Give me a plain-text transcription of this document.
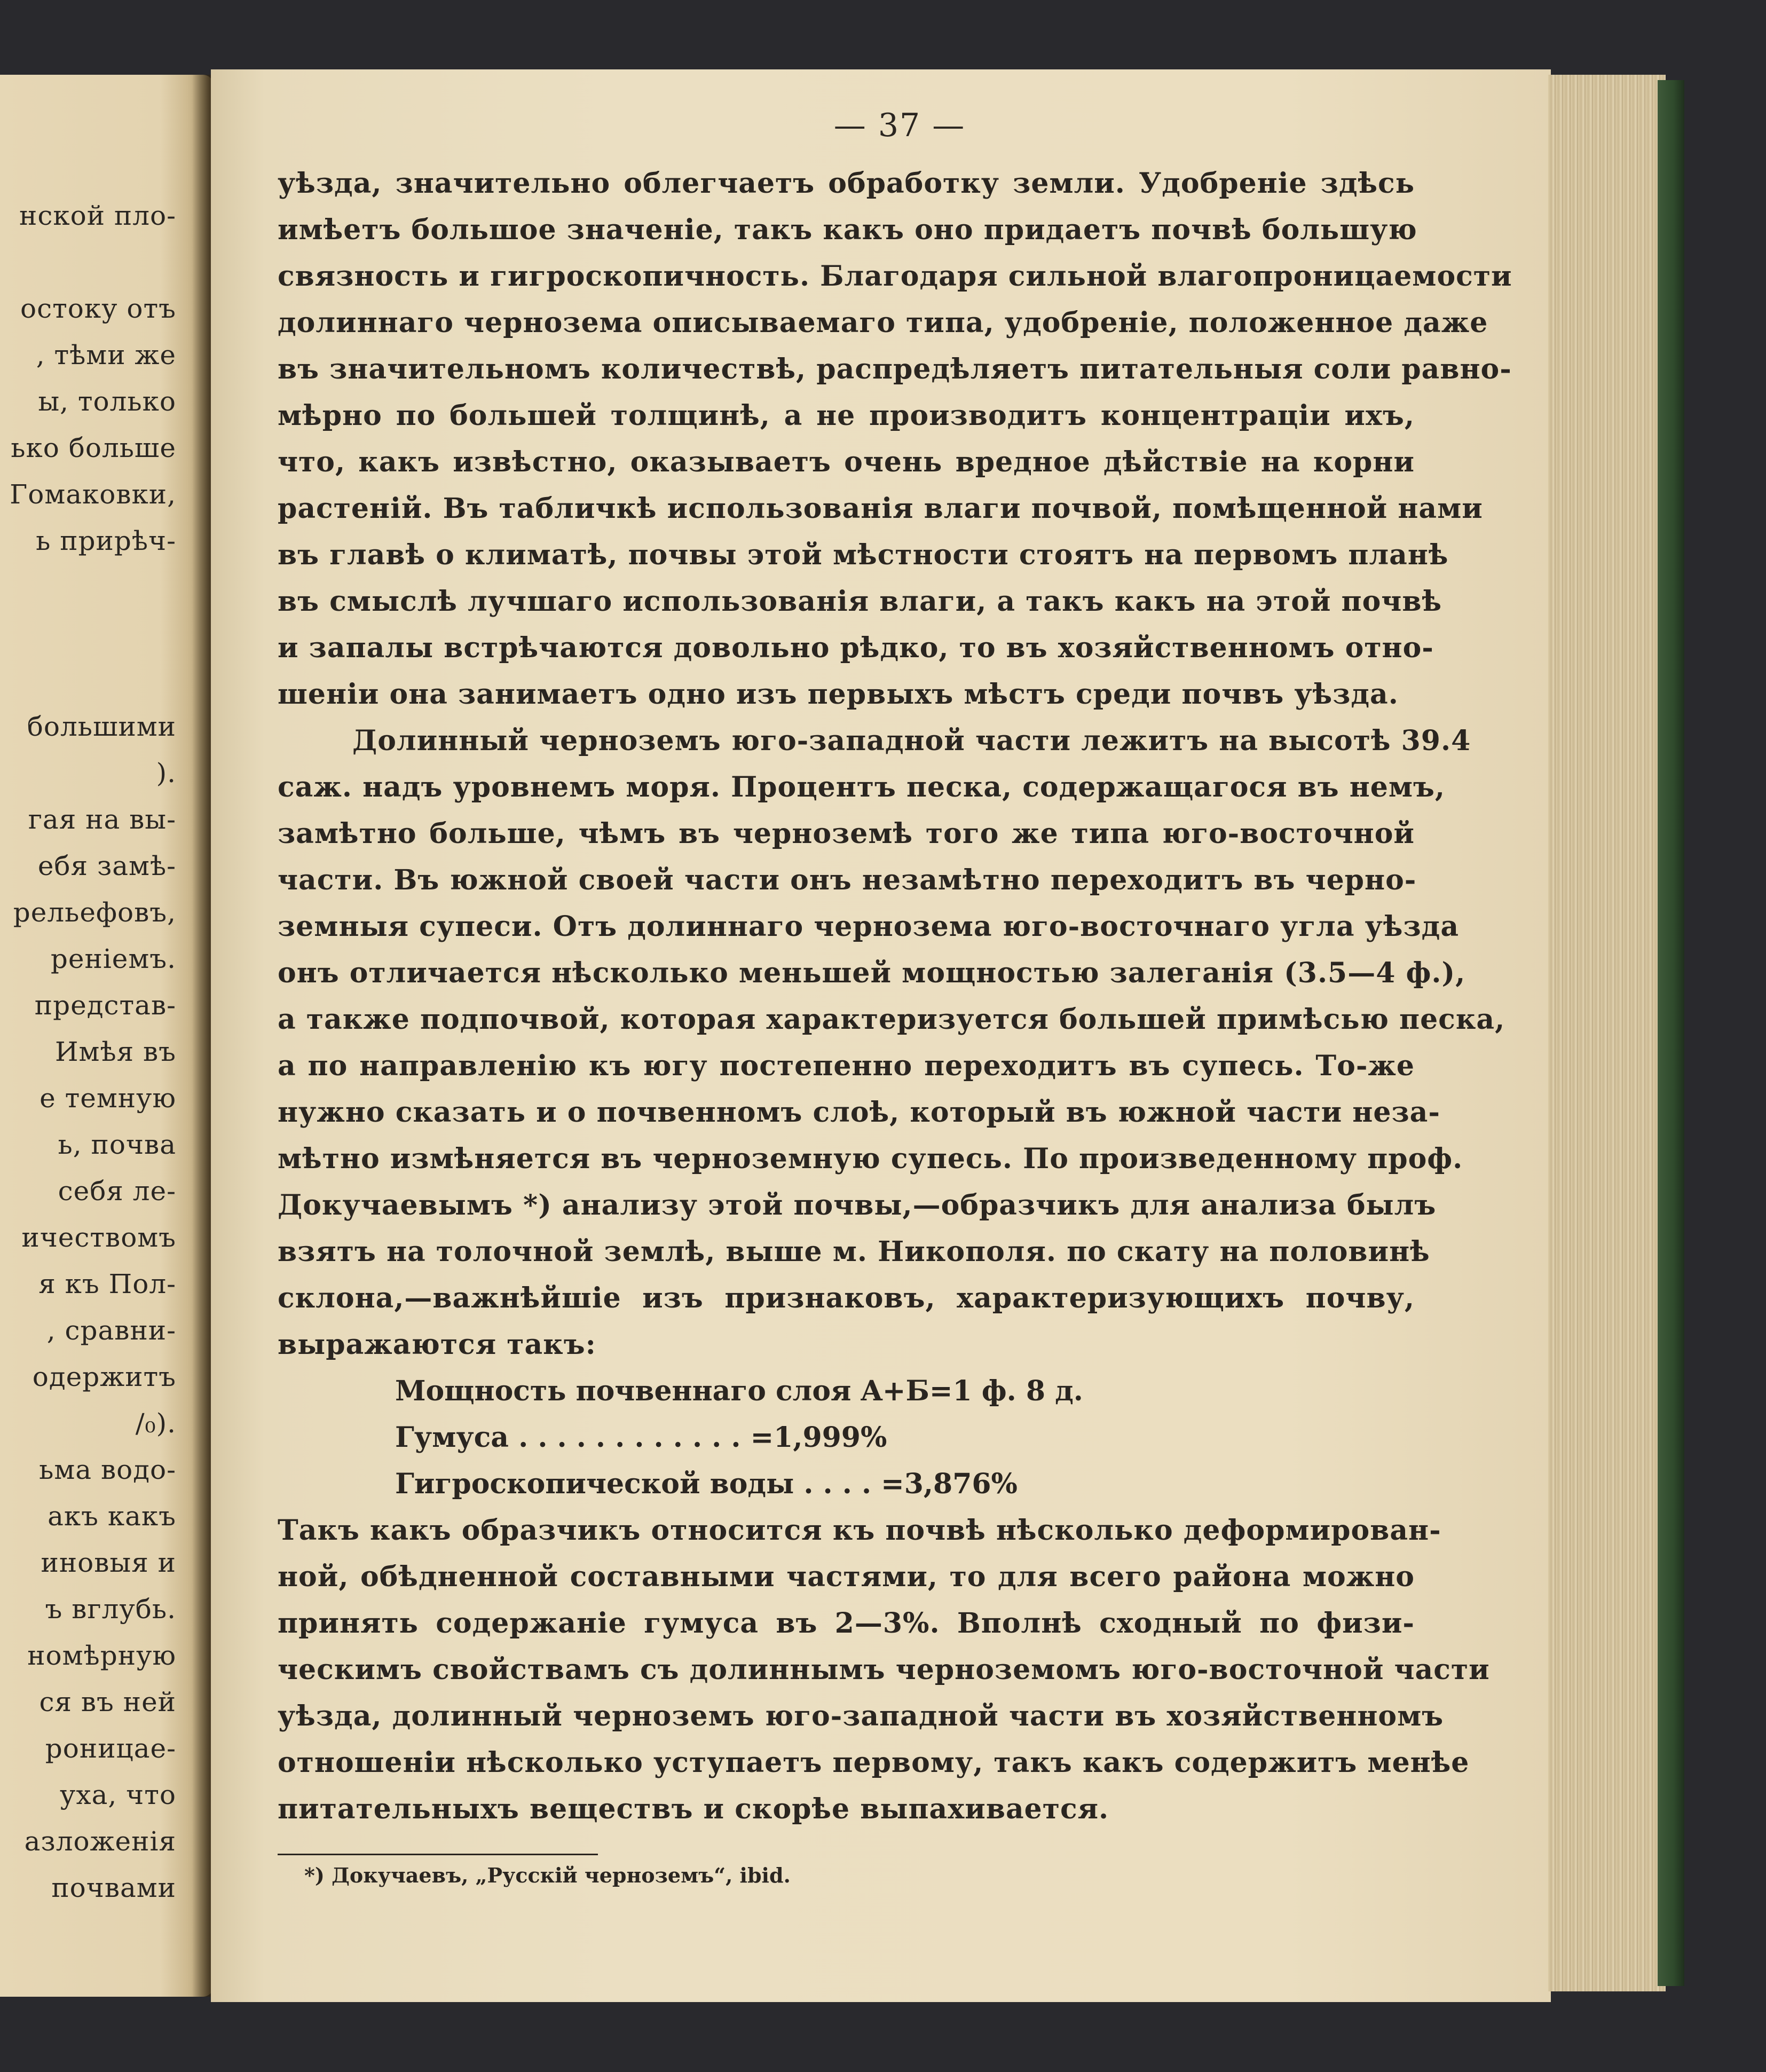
нской пло-
остоку отъ
, тѣми же
ы, только
ько больше
Гомаковки,
ь прирѣч-
большими
).
гая на вы-
ебя замѣ-
рельефовъ,
реніемъ.
представ-
Имѣя въ
е темную
ь, почва
себя ле-
ичествомъ
я къ Пол-
, сравни-
одержитъ
/₀).
ьма водо-
акъ какъ
иновыя и
ъ вглубь.
номѣрную
ся въ ней
роницае-
уха, что
азложенія
почвами
— 37 —
уѣзда, значительно облегчаетъ обработку земли. Удобреніе здѣсь
имѣетъ большое значеніе, такъ какъ оно придаетъ почвѣ большую
связность и гигроскопичность. Благодаря сильной влагопроницаемости
долиннаго чернозема описываемаго типа, удобреніе, положенное даже
въ значительномъ количествѣ, распредѣляетъ питательныя соли равно-
мѣрно по большей толщинѣ, а не производитъ концентраціи ихъ,
что, какъ извѣстно, оказываетъ очень вредное дѣйствіе на корни
растеній. Въ табличкѣ использованія влаги почвой, помѣщенной нами
въ главѣ о климатѣ, почвы этой мѣстности стоятъ на первомъ планѣ
въ смыслѣ лучшаго использованія влаги, а такъ какъ на этой почвѣ
и запалы встрѣчаются довольно рѣдко, то въ хозяйственномъ отно-
шеніи она занимаетъ одно изъ первыхъ мѣстъ среди почвъ уѣзда.
Долинный черноземъ юго-западной части лежитъ на высотѣ 39.4
саж. надъ уровнемъ моря. Процентъ песка, содержащагося въ немъ,
замѣтно больше, чѣмъ въ черноземѣ того же типа юго-восточной
части. Въ южной своей части онъ незамѣтно переходитъ въ черно-
земныя супеси. Отъ долиннаго чернозема юго-восточнаго угла уѣзда
онъ отличается нѣсколько меньшей мощностью залеганія (3.5—4 ф.),
а также подпочвой, которая характеризуется большей примѣсью песка,
а по направленію къ югу постепенно переходитъ въ супесь. То-же
нужно сказать и о почвенномъ слоѣ, который въ южной части неза-
мѣтно измѣняется въ черноземную супесь. По произведенному проф.
Докучаевымъ *) анализу этой почвы,—образчикъ для анализа былъ
взятъ на толочной землѣ, выше м. Никополя. по скату на половинѣ
склона,—важнѣйшіе изъ признаковъ, характеризующихъ почву,
выражаются такъ:
Мощность почвеннаго слоя A+Б=1 ф. 8 д.
Гумуса . . . . . . . . . . . . =1,999%
Гигроскопической воды . . . . =3,876%
Такъ какъ образчикъ относится къ почвѣ нѣсколько деформирован-
ной, обѣдненной составными частями, то для всего района можно
принять содержаніе гумуса въ 2—3%. Вполнѣ сходный по физи-
ческимъ свойствамъ съ долиннымъ черноземомъ юго-восточной части
уѣзда, долинный черноземъ юго-западной части въ хозяйственномъ
отношеніи нѣсколько уступаетъ первому, такъ какъ содержитъ менѣе
питательныхъ веществъ и скорѣе выпахивается.
*) Докучаевъ, „Русскій черноземъ“, ibid.
